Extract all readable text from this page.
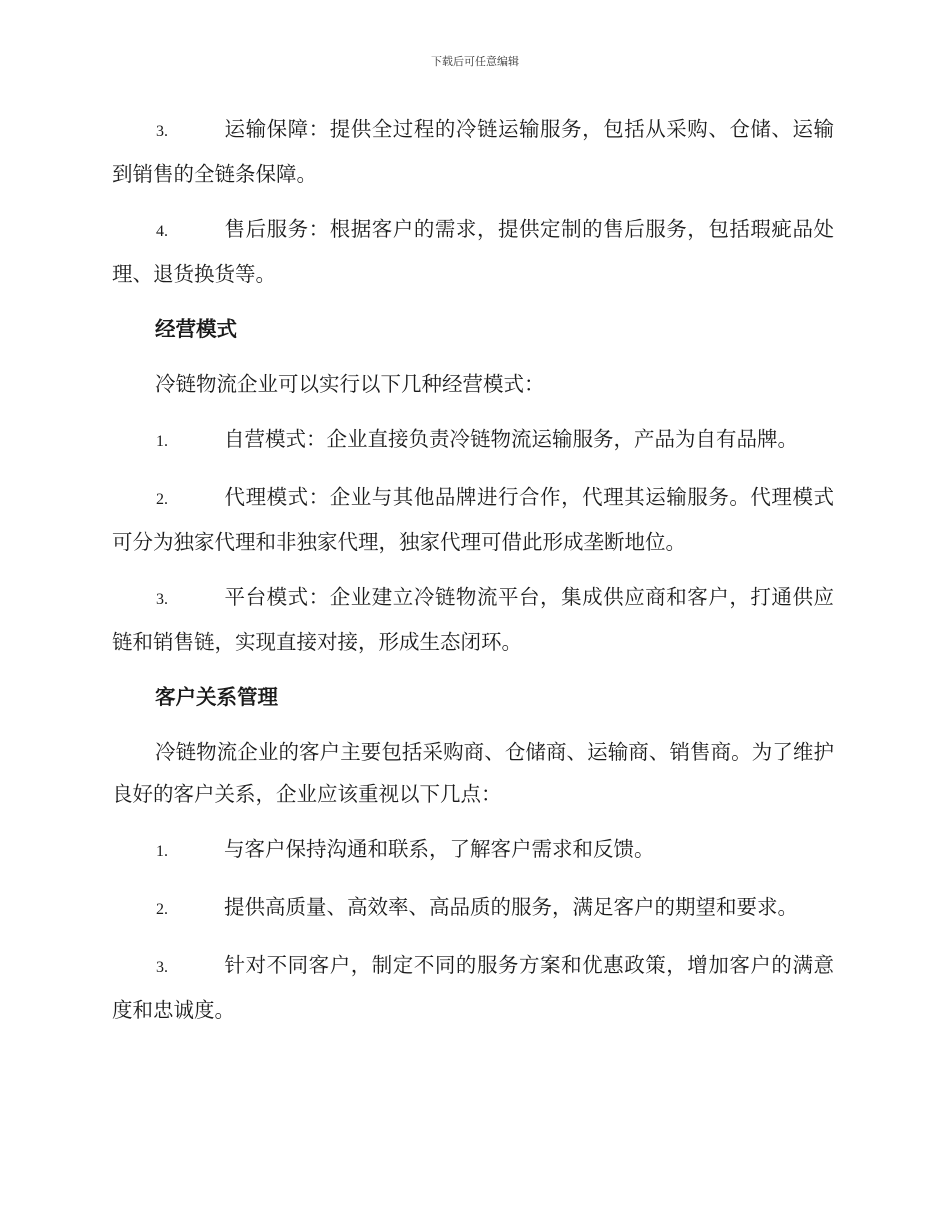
下载后可任意编辑

3.	运输保障：提供全过程的冷链运输服务，包括从采购、仓储、运输到销售的全链条保障。

4.	售后服务：根据客户的需求，提供定制的售后服务，包括瑕疵品处理、退货换货等。

经营模式

冷链物流企业可以实行以下几种经营模式：

1.	自营模式：企业直接负责冷链物流运输服务，产品为自有品牌。

2.	代理模式：企业与其他品牌进行合作，代理其运输服务。代理模式可分为独家代理和非独家代理，独家代理可借此形成垄断地位。

3.	平台模式：企业建立冷链物流平台，集成供应商和客户，打通供应链和销售链，实现直接对接，形成生态闭环。

客户关系管理

冷链物流企业的客户主要包括采购商、仓储商、运输商、销售商。为了维护良好的客户关系，企业应该重视以下几点：

1.	与客户保持沟通和联系，了解客户需求和反馈。

2.	提供高质量、高效率、高品质的服务，满足客户的期望和要求。

3.	针对不同客户，制定不同的服务方案和优惠政策，增加客户的满意度和忠诚度。
